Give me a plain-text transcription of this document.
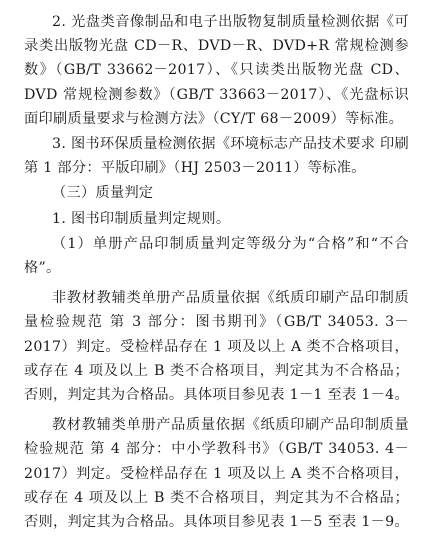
2. 光盘类音像制品和电子出版物复制质量检测依据《可录类出版物光盘 CD－R、DVD－R、DVD+R 常规检测参数》（GB/T 33662－2017）、《只读类出版物光盘 CD、DVD 常规检测参数》（GB/T 33663－2017）、《光盘标识面印刷质量要求与检测方法》（CY/T 68－2009）等标准。

3. 图书环保质量检测依据《环境标志产品技术要求 印刷 第 1 部分：平版印刷》（HJ 2503－2011）等标准。

（三）质量判定

1. 图书印制质量判定规则。

（1）单册产品印制质量判定等级分为“合格”和“不合格”。

非教材教辅类单册产品质量依据《纸质印刷产品印制质量检验规范 第 3 部分：图书期刊》（GB/T 34053. 3－2017）判定。受检样品存在 1 项及以上 A 类不合格项目，或存在 4 项及以上 B 类不合格项目，判定其为不合格品；否则，判定其为合格品。具体项目参见表 1－1 至表 1－4。

教材教辅类单册产品质量依据《纸质印刷产品印制质量检验规范 第 4 部分：中小学教科书》（GB/T 34053. 4－2017）判定。受检样品存在 1 项及以上 A 类不合格项目，或存在 4 项及以上 B 类不合格项目，判定其为不合格品；否则，判定其为合格品。具体项目参见表 1－5 至表 1－9。
